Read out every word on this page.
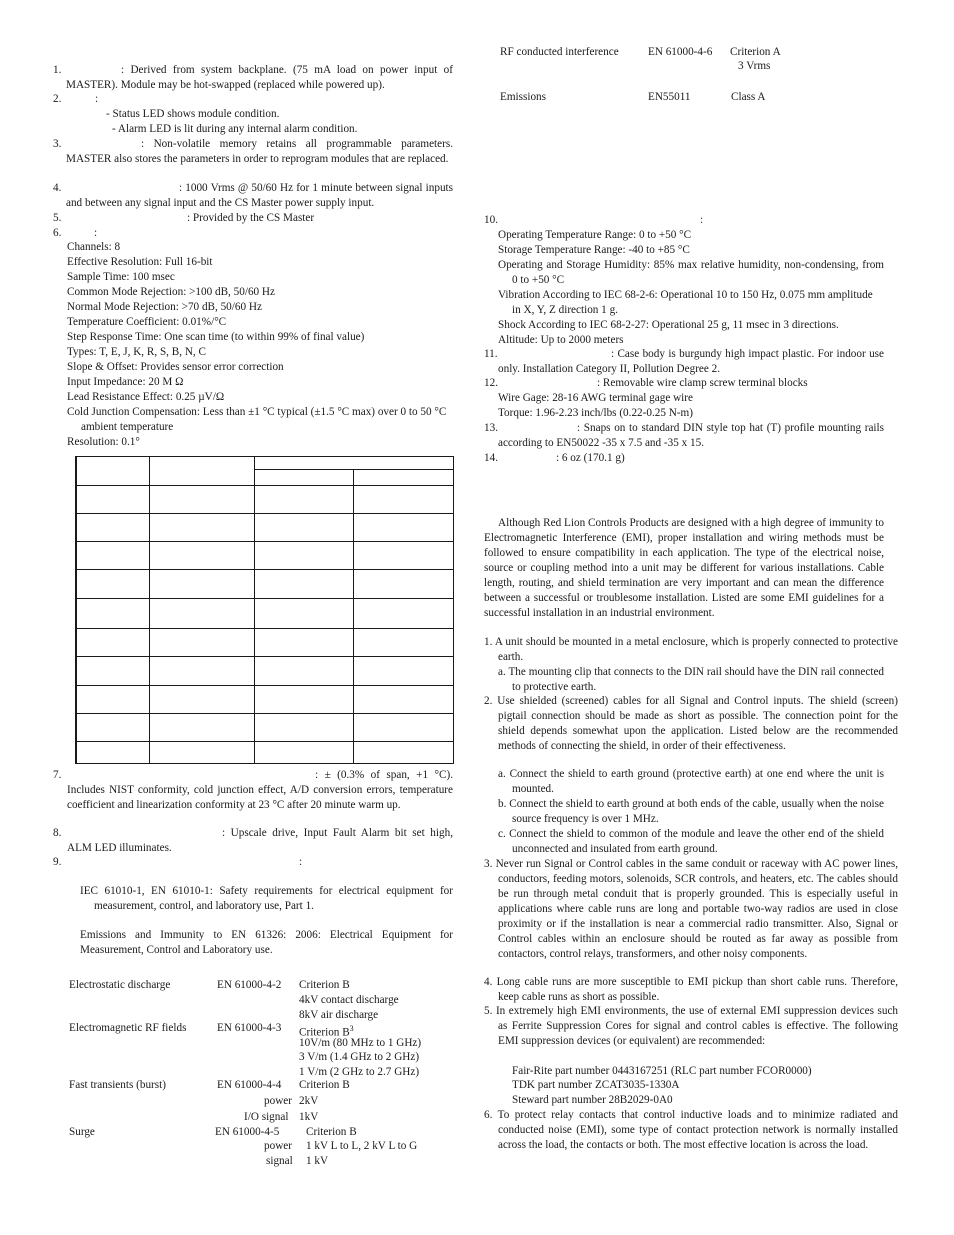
1.	: Derived from system backplane. (75 mA load on power input of MASTER). Module may be hot-swapped (replaced while powered up).
2.	:
- Status LED shows module condition.
- Alarm LED is lit during any internal alarm condition.
3.	: Non-volatile memory retains all programmable parameters. MASTER also stores the parameters in order to reprogram modules that are replaced.
4.	: 1000 Vrms @ 50/60 Hz for 1 minute between signal inputs and between any signal input and the CS Master power supply input.
5.	: Provided by the CS Master
6.	:
Channels: 8
Effective Resolution: Full 16-bit
Sample Time: 100 msec
Common Mode Rejection: >100 dB, 50/60 Hz
Normal Mode Rejection: >70 dB, 50/60 Hz
Temperature Coefficient: 0.01%/°C
Step Response Time: One scan time (to within 99% of final value)
Types: T, E, J, K, R, S, B, N, C
Slope & Offset: Provides sensor error correction
Input Impedance: 20 M Ω
Lead Resistance Effect: 0.25 µV/Ω
Cold Junction Compensation: Less than ±1 °C typical (±1.5 °C max) over 0 to 50 °C ambient temperature
Resolution: 0.1°
7.	: ± (0.3% of span, +1 °C). Includes NIST conformity, cold junction effect, A/D conversion errors, temperature coefficient and linearization conformity at 23 °C after 20 minute warm up.
8.	: Upscale drive, Input Fault Alarm bit set high, ALM LED illuminates.
9.	:
IEC 61010-1, EN 61010-1: Safety requirements for electrical equipment for measurement, control, and laboratory use, Part 1.
Emissions and Immunity to EN 61326: 2006: Electrical Equipment for Measurement, Control and Laboratory use.
Electrostatic discharge	EN 61000-4-2 Criterion B
4kV contact discharge
8kV air discharge
Electromagnetic RF fields	EN 61000-4-3 Criterion $B^3$
10V/m (80 MHz to 1 GHz)
3 V/m (1.4 GHz to 2 GHz)
1 V/m (2 GHz to 2.7 GHz)
Fast transients (burst)	EN 61000-4-4 Criterion B
power 2kV
I/O signal 1kV
Surge	EN 61000-4-5 Criterion B
power 1 kV L to L, 2 kV L to G
signal 1 kV

RF conducted interference	EN 61000-4-6 Criterion A
3 Vrms
Emissions	EN55011	Class A
10.	:
Operating Temperature Range: 0 to +50 °C
Storage Temperature Range: -40 to +85 °C
Operating and Storage Humidity: 85% max relative humidity, non-condensing, from 0 to +50 °C
Vibration According to IEC 68-2-6: Operational 10 to 150 Hz, 0.075 mm amplitude in X, Y, Z direction 1 g.
Shock According to IEC 68-2-27: Operational 25 g, 11 msec in 3 directions.
Altitude: Up to 2000 meters
11.	: Case body is burgundy high impact plastic. For indoor use only. Installation Category II, Pollution Degree 2.
12.	: Removable wire clamp screw terminal blocks
Wire Gage: 28-16 AWG terminal gage wire
Torque: 1.96-2.23 inch/lbs (0.22-0.25 N-m)
13.	: Snaps on to standard DIN style top hat (T) profile mounting rails according to EN50022 -35 x 7.5 and -35 x 15.
14.	: 6 oz (170.1 g)
Although Red Lion Controls Products are designed with a high degree of immunity to Electromagnetic Interference (EMI), proper installation and wiring methods must be followed to ensure compatibility in each application. The type of the electrical noise, source or coupling method into a unit may be different for various installations. Cable length, routing, and shield termination are very important and can mean the difference between a successful or troublesome installation. Listed are some EMI guidelines for a successful installation in an industrial environment.
1. A unit should be mounted in a metal enclosure, which is properly connected to protective earth.
a. The mounting clip that connects to the DIN rail should have the DIN rail connected to protective earth.
2. Use shielded (screened) cables for all Signal and Control inputs. The shield (screen) pigtail connection should be made as short as possible. The connection point for the shield depends somewhat upon the application. Listed below are the recommended methods of connecting the shield, in order of their effectiveness.
a. Connect the shield to earth ground (protective earth) at one end where the unit is mounted.
b. Connect the shield to earth ground at both ends of the cable, usually when the noise source frequency is over 1 MHz.
c. Connect the shield to common of the module and leave the other end of the shield unconnected and insulated from earth ground.
3. Never run Signal or Control cables in the same conduit or raceway with AC power lines, conductors, feeding motors, solenoids, SCR controls, and heaters, etc. The cables should be run through metal conduit that is properly grounded. This is especially useful in applications where cable runs are long and portable two-way radios are used in close proximity or if the installation is near a commercial radio transmitter. Also, Signal or Control cables within an enclosure should be routed as far away as possible from contactors, control relays, transformers, and other noisy components.
4. Long cable runs are more susceptible to EMI pickup than short cable runs. Therefore, keep cable runs as short as possible.
5. In extremely high EMI environments, the use of external EMI suppression devices such as Ferrite Suppression Cores for signal and control cables is effective. The following EMI suppression devices (or equivalent) are recommended:
Fair-Rite part number 0443167251 (RLC part number FCOR0000)
TDK part number ZCAT3035-1330A
Steward part number 28B2029-0A0
6. To protect relay contacts that control inductive loads and to minimize radiated and conducted noise (EMI), some type of contact protection network is normally installed across the load, the contacts or both. The most effective location is across the load.
